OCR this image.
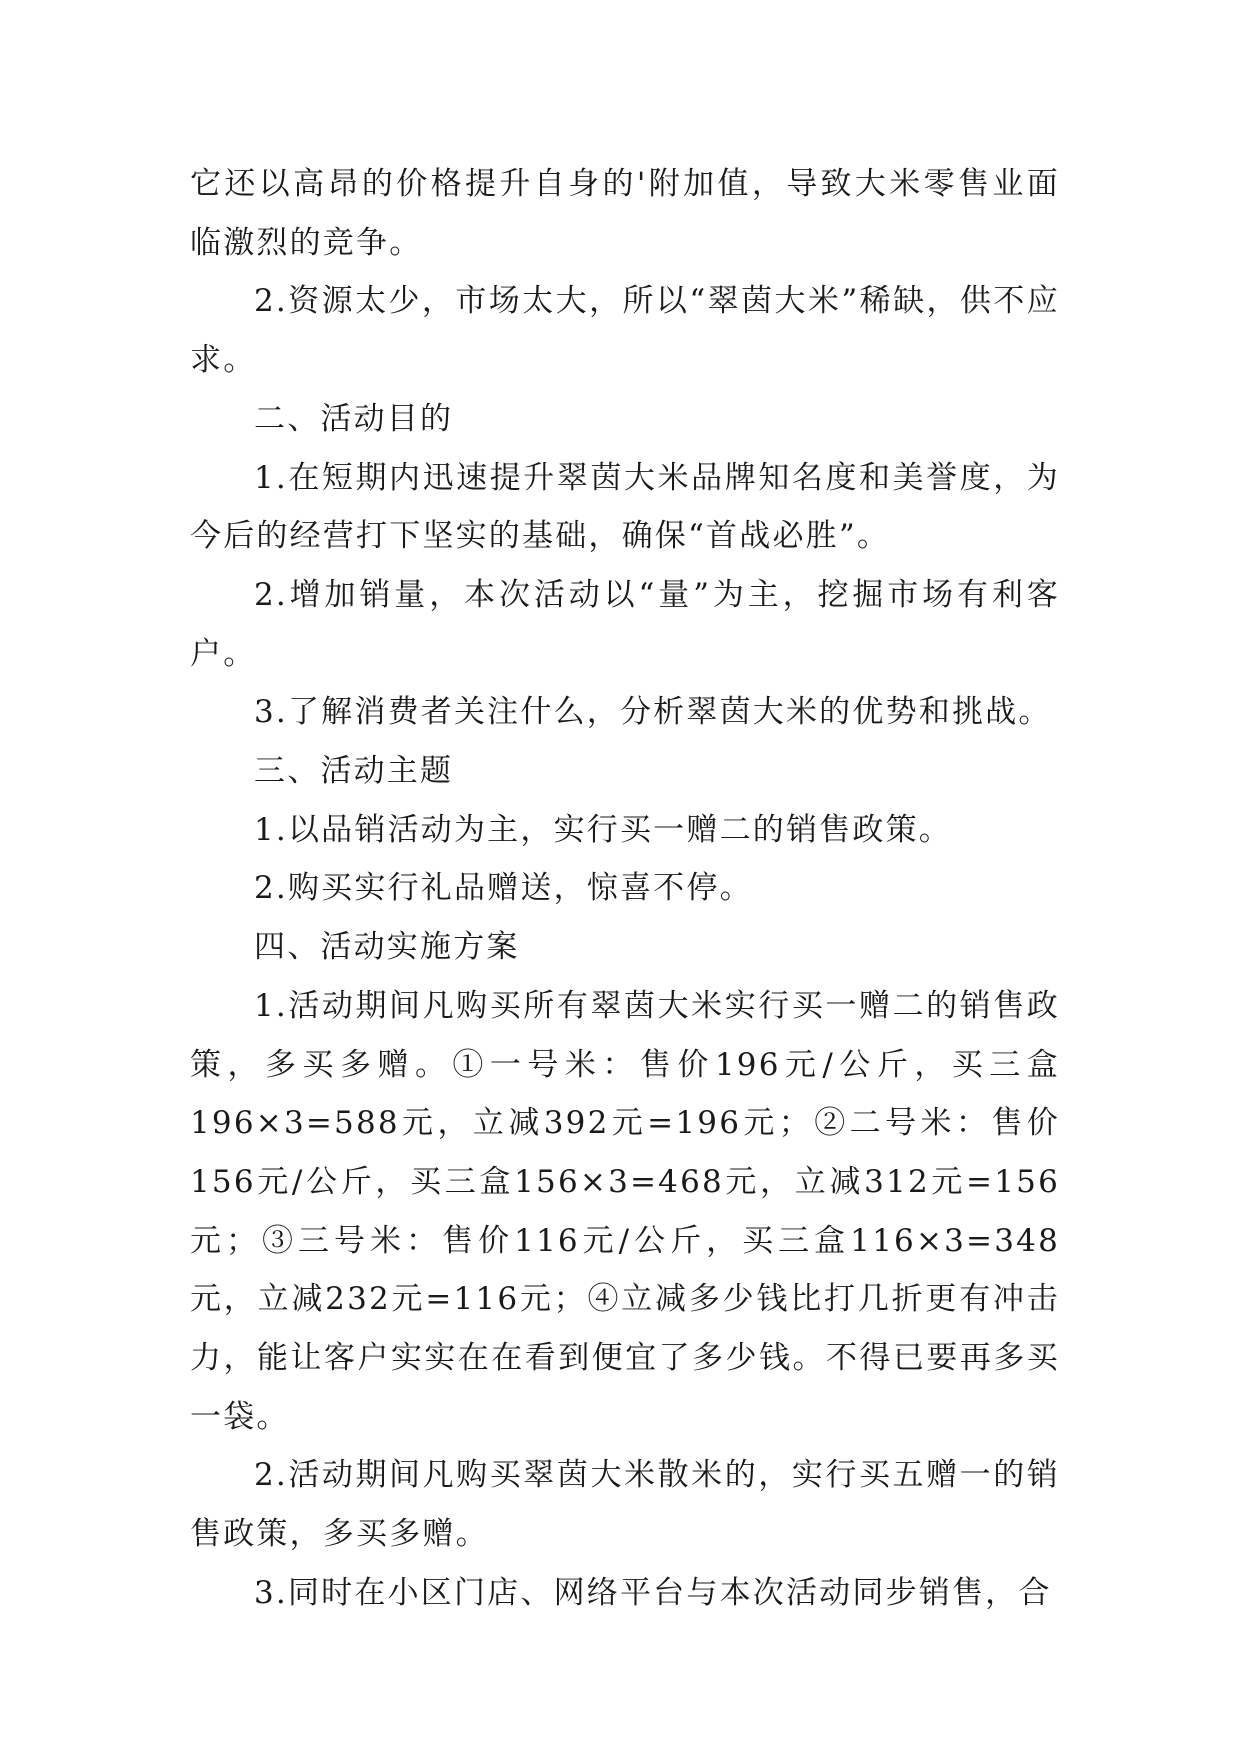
它还以高昂的价格提升自身的'附加值，导致大米零售业面临激烈的竞争。

2.资源太少，市场太大，所以“翠茵大米”稀缺，供不应求。

二、活动目的

1.在短期内迅速提升翠茵大米品牌知名度和美誉度，为今后的经营打下坚实的基础，确保“首战必胜”。

2.增加销量，本次活动以“量”为主，挖掘市场有利客户。

3.了解消费者关注什么，分析翠茵大米的优势和挑战。

三、活动主题

1.以品销活动为主，实行买一赠二的销售政策。

2.购买实行礼品赠送，惊喜不停。

四、活动实施方案

1.活动期间凡购买所有翠茵大米实行买一赠二的销售政策，多买多赠。①一号米：售价196元/公斤，买三盒196×3=588元，立减392元=196元；②二号米：售价156元/公斤，买三盒156×3=468元，立减312元=156元；③三号米：售价116元/公斤，买三盒116×3=348元，立减232元=116元；④立减多少钱比打几折更有冲击力，能让客户实实在在看到便宜了多少钱。不得已要再多买一袋。

2.活动期间凡购买翠茵大米散米的，实行买五赠一的销售政策，多买多赠。

3.同时在小区门店、网络平台与本次活动同步销售，合
